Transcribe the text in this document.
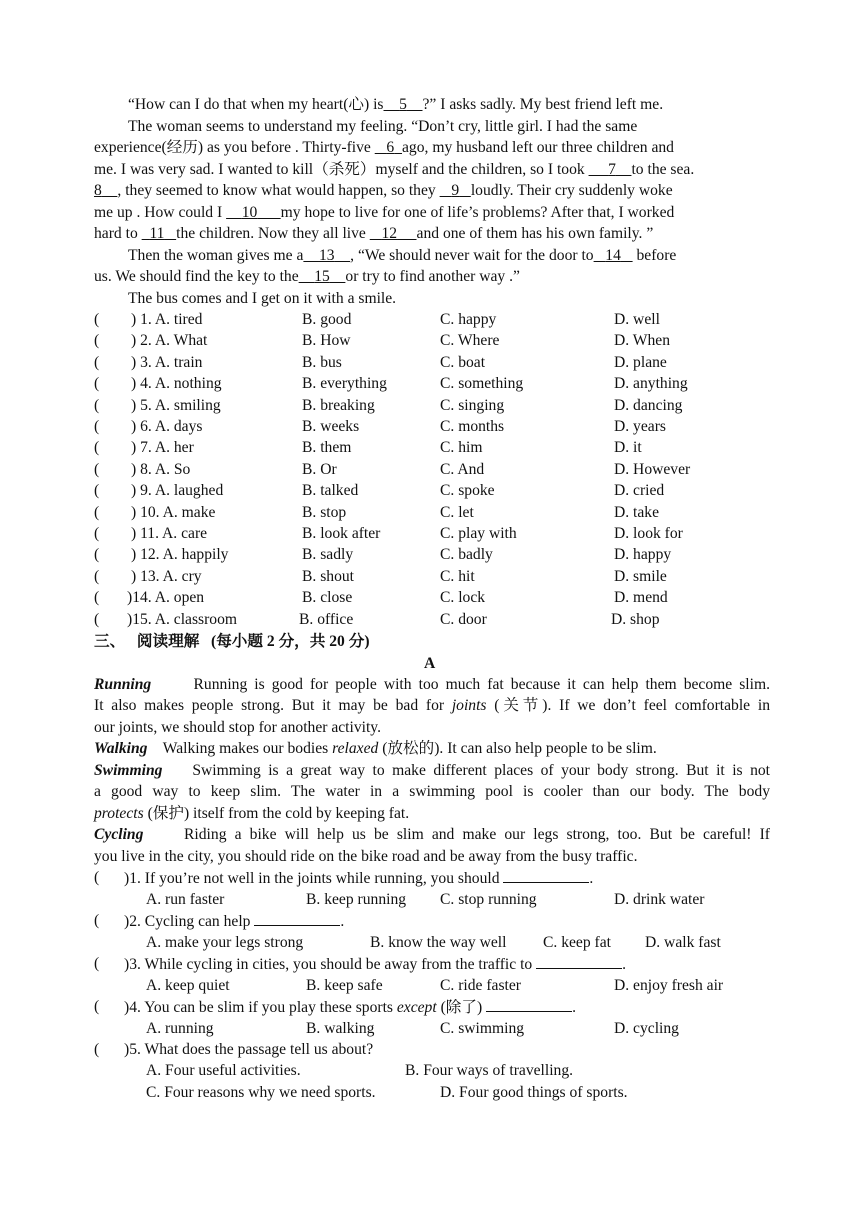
“How can I do that when my heart(心) is 5 ?” I asks sadly. My best friend left me.
The woman seems to understand my feeling. “Don’t cry, little girl. I had the same
experience(经历) as you before . Thirty-five    6 ago, my husband left our three children and
me. I was very sad. I wanted to kill（杀死）myself and the children, so I took      7 to the sea.
8 , they seemed to know what would happen, so they    9 loudly. Their cry suddenly woke
me up . How could I     10 my hope to live for one of life’s problems? After that, I worked
hard to   11 the children. Now they all live    12 and one of them has his own family. ”
Then the woman gives me a 13 , “We should never wait for the door to 14    before
us. We should find the key to the 15 or try to find another way .”
The bus comes and I get on it with a smile.
( ) 1. A. tired	B. good	C. happy	D. well
( ) 2. A. What	B. How	C. Where	D. When
( ) 3. A. train	B. bus	C. boat	D. plane
( ) 4. A. nothing	B. everything	C. something	D. anything
( ) 5. A. smiling	B. breaking	C. singing	D. dancing
( ) 6. A. days	B. weeks	C. months	D. years
( ) 7. A. her	B. them	C. him	D. it
( ) 8. A. So	B. Or	C. And	D. However
( ) 9. A. laughed	B. talked	C. spoke	D. cried
( ) 10. A. make	B. stop	C. let	D. take
( ) 11. A. care	B. look after	C. play with	D. look for
( ) 12. A. happily	B. sadly	C. badly	D. happy
( ) 13. A. cry	B. shout	C. hit	D. smile
( )14. A. open	B. close	C. lock	D. mend
( )15. A. classroom	B. office	C. door	D. shop
三、 阅读理解 (每小题 2 分，共 20 分)
A
Running	Running is good for people with too much fat because it can help them become slim.
It also makes people strong. But it may be bad for joints (关节). If we don’t feel comfortable in
our joints, we should stop for another activity.
Walking Walking makes our bodies relaxed (放松的). It can also help people to be slim.
Swimming Swimming is a great way to make different places of your body strong. But it is not
a good way to keep slim. The water in a swimming pool is cooler than our body. The body
protects (保护) itself from the cold by keeping fat.
Cycling	Riding a bike will help us be slim and make our legs strong, too. But be careful! If
you live in the city, you should ride on the bike road and be away from the busy traffic.
( )1. If you’re not well in the joints while running, you should	.
A. run faster	B. keep running C. stop running	D. drink water
( )2. Cycling can help	.
A. make your legs strong	B. know the way well C. keep fat D. walk fast
( )3. While cycling in cities, you should be away from the traffic to	.
A. keep quiet	B. keep safe	C. ride faster	D. enjoy fresh air
( )4. You can be slim if you play these sports except (除了)	.
A. running	B. walking	C. swimming	D. cycling
( )5. What does the passage tell us about?
A. Four useful activities.	B. Four ways of travelling.
C. Four reasons why we need sports.	D. Four good things of sports.
